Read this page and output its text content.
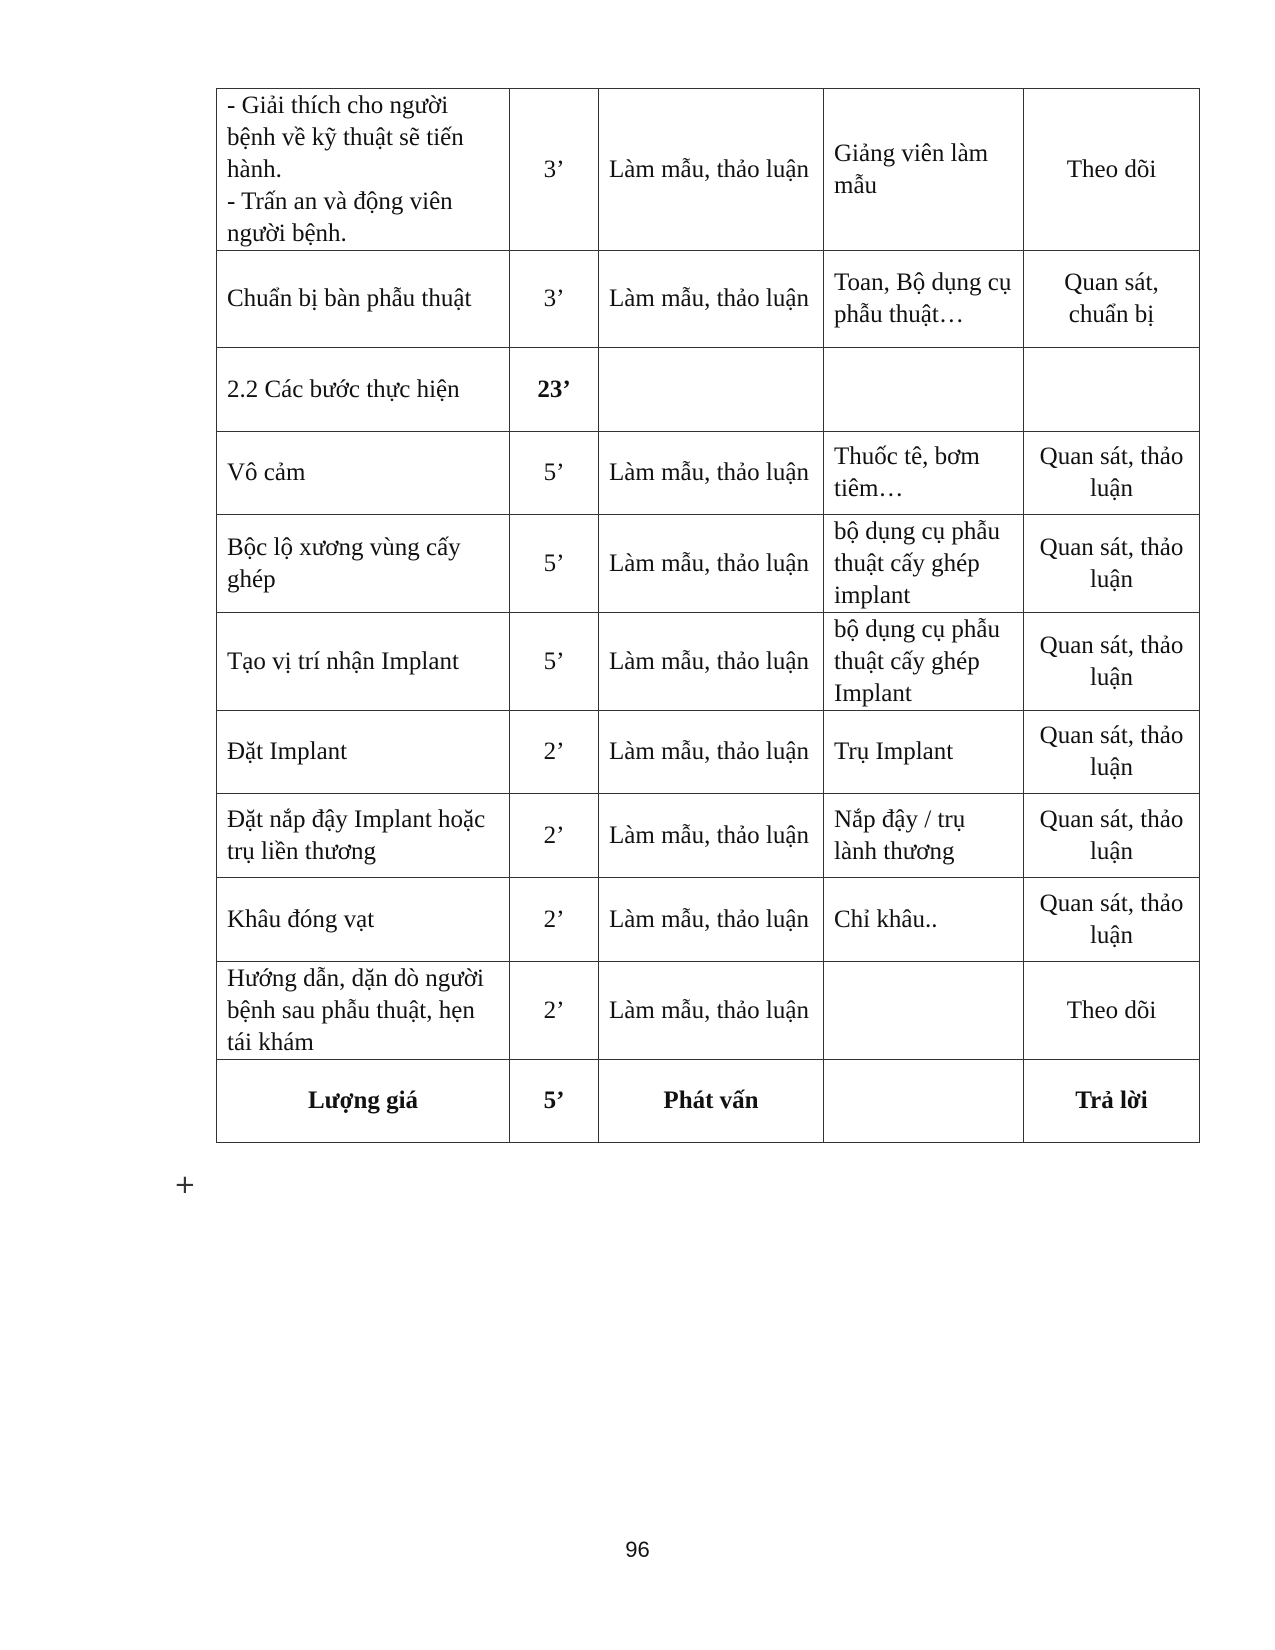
- Giải thích cho người bệnh về kỹ thuật sẽ tiến hành.
- Trấn an và động viên người bệnh.	3’	Làm mẫu, thảo luận	Giảng viên làm mẫu	Theo dõi
Chuẩn bị bàn phẫu thuật	3’	Làm mẫu, thảo luận	Toan, Bộ dụng cụ phẫu thuật…	Quan sát, chuẩn bị
2.2 Các bước thực hiện	23’			
Vô cảm	5’	Làm mẫu, thảo luận	Thuốc tê, bơm tiêm…	Quan sát, thảo luận
Bộc lộ xương vùng cấy ghép	5’	Làm mẫu, thảo luận	bộ dụng cụ phẫu thuật cấy ghép implant	Quan sát, thảo luận
Tạo vị trí nhận Implant	5’	Làm mẫu, thảo luận	bộ dụng cụ phẫu thuật cấy ghép Implant	Quan sát, thảo luận
Đặt Implant	2’	Làm mẫu, thảo luận	Trụ Implant	Quan sát, thảo luận
Đặt nắp đậy Implant hoặc trụ liền thương	2’	Làm mẫu, thảo luận	Nắp đậy / trụ lành thương	Quan sát, thảo luận
Khâu đóng vạt	2’	Làm mẫu, thảo luận	Chỉ khâu..	Quan sát, thảo luận
Hướng dẫn, dặn dò người bệnh sau phẫu thuật, hẹn tái khám	2’	Làm mẫu, thảo luận		Theo dõi
Lượng giá	5’	Phát vấn		Trả lời
+
96
